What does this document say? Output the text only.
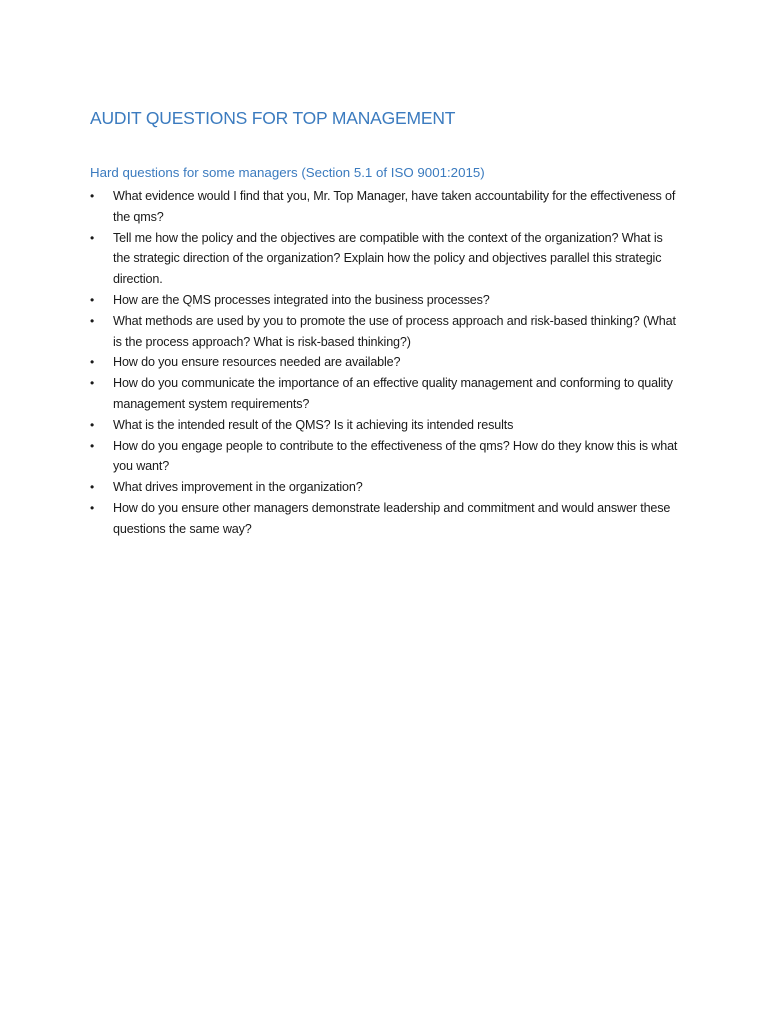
AUDIT QUESTIONS FOR TOP MANAGEMENT
Hard questions for some managers (Section 5.1 of ISO 9001:2015)
•	What evidence would I find that you, Mr. Top Manager, have taken accountability for the effectiveness of the qms?
•	Tell me how the policy and the objectives are compatible with the context of the organization? What is the strategic direction of the organization? Explain how the policy and objectives parallel this strategic direction.
•	How are the QMS processes integrated into the business processes?
•	What methods are used by you to promote the use of process approach and risk-based thinking? (What is the process approach? What is risk-based thinking?)
•	How do you ensure resources needed are available?
•	How do you communicate the importance of an effective quality management and conforming to quality management system requirements?
•	What is the intended result of the QMS? Is it achieving its intended results
•	How do you engage people to contribute to the effectiveness of the qms? How do they know this is what you want?
•	What drives improvement in the organization?
•	How do you ensure other managers demonstrate leadership and commitment and would answer these questions the same way?
